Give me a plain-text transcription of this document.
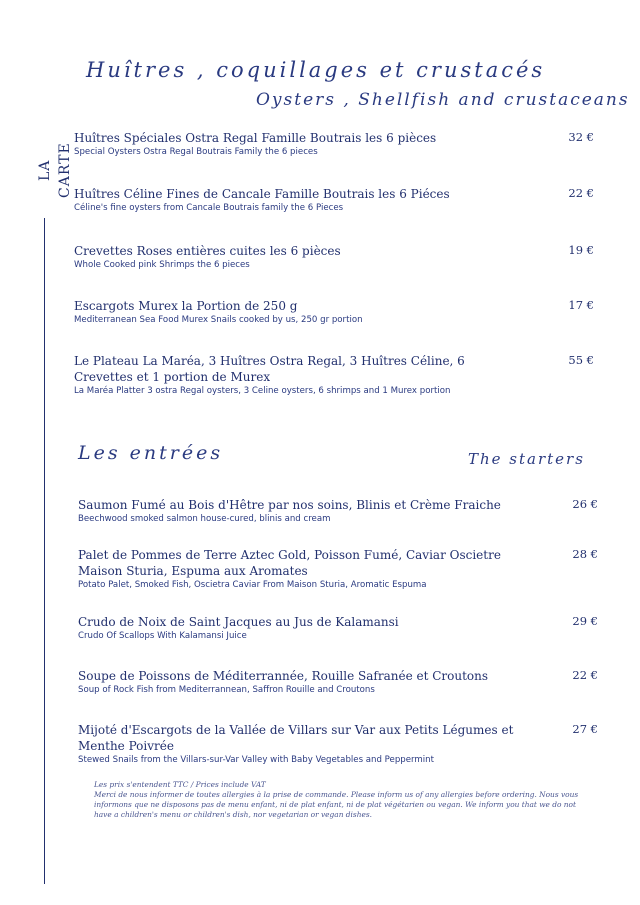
Huîtres , coquillages et crustacés
Oysters , Shellfish and crustaceans
LA CARTE
Huîtres Spéciales Ostra Regal Famille Boutrais les 6 pièces
Special Oysters Ostra Regal Boutrais Family the 6 pieces
32 €
Huîtres Céline Fines de Cancale Famille Boutrais les 6 Piéces
Céline's fine oysters from Cancale Boutrais family the 6 Pieces
22 €
Crevettes Roses entières cuites les 6 pièces
Whole Cooked pink Shrimps the 6 pieces
19 €
Escargots Murex la Portion de 250 g
Mediterranean Sea Food Murex Snails cooked by us, 250 gr portion
17 €
Le Plateau La Maréa, 3 Huîtres Ostra Regal, 3 Huîtres Céline, 6 Crevettes et 1 portion de Murex
La Maréa Platter 3 ostra Regal oysters, 3 Celine oysters, 6 shrimps and 1 Murex portion
55 €
Les entrées	The starters
Saumon Fumé au Bois d'Hêtre par nos soins, Blinis et Crème Fraiche
Beechwood smoked salmon house-cured, blinis and cream
26 €
Palet de Pommes de Terre Aztec Gold, Poisson Fumé, Caviar Oscietre Maison Sturia, Espuma aux Aromates
Potato Palet, Smoked Fish, Oscietra Caviar From Maison Sturia, Aromatic Espuma
28 €
Crudo de Noix de Saint Jacques au Jus de Kalamansi
Crudo Of Scallops With Kalamansi Juice
29 €
Soupe de Poissons de Méditerrannée, Rouille Safranée et Croutons
Soup of Rock Fish from Mediterrannean, Saffron Rouille and Croutons
22 €
Mijoté d'Escargots de la Vallée de Villars sur Var aux Petits Légumes et Menthe Poivrée
Stewed Snails from the Villars-sur-Var Valley with Baby Vegetables and Peppermint
27 €
Les prix s'entendent TTC / Prices include VAT
Merci de nous informer de toutes allergies à la prise de commande. Please inform us of any allergies before ordering. Nous vous informons que ne disposons pas de menu enfant, ni de plat enfant, ni de plat végétarien ou vegan. We inform you that we do not have a children's menu or children's dish, nor vegetarian or vegan dishes.
